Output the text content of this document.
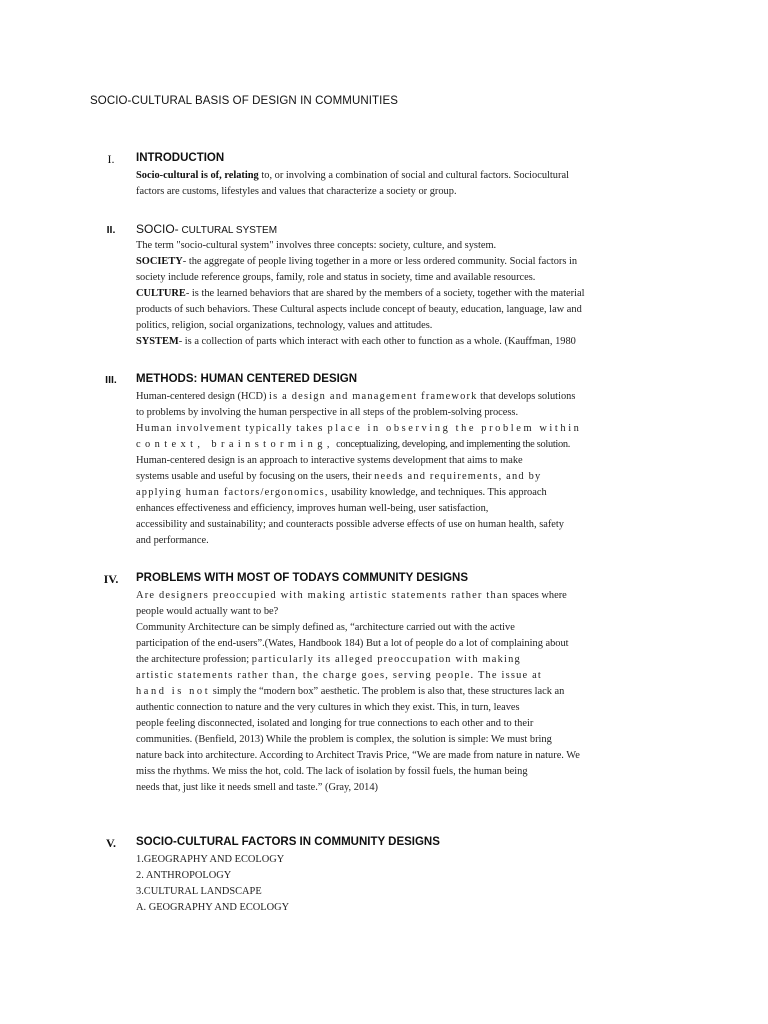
SOCIO-CULTURAL BASIS OF DESIGN IN COMMUNITIES
I.	INTRODUCTION
Socio-cultural is of, relating to, or involving a combination of social and cultural factors. Sociocultural
factors are customs, lifestyles and values that characterize a society or group.
II.	SOCIO- CULTURAL SYSTEM
The term "socio-cultural system" involves three concepts: society, culture, and system.
SOCIETY- the aggregate of people living together in a more or less ordered community. Social factors in
society include reference groups, family, role and status in society, time and available resources.
CULTURE- is the learned behaviors that are shared by the members of a society, together with the material
products of such behaviors. These Cultural aspects include concept of beauty, education, language, law and
politics, religion, social organizations, technology, values and attitudes.
SYSTEM- is a collection of parts which interact with each other to function as a whole. (Kauffman, 1980
III.	METHODS: HUMAN CENTERED DESIGN
Human-centered design (HCD) is a design and management framework that develops solutions
to problems by involving the human perspective in all steps of the problem-solving process.
Human involvement typically takes place in observing the problem within
context, brainstorming, conceptualizing, developing, and implementing the solution.
Human-centered design is an approach to interactive systems development that aims to make
systems usable and useful by focusing on the users, their needs and requirements, and by
applying human factors/ergonomics, usability knowledge, and techniques. This approach
enhances effectiveness and efficiency, improves human well-being, user satisfaction,
accessibility and sustainability; and counteracts possible adverse effects of use on human health, safety
and performance.
IV.	PROBLEMS WITH MOST OF TODAYS COMMUNITY DESIGNS
Are designers preoccupied with making artistic statements rather than spaces where
people would actually want to be?
Community Architecture can be simply defined as, “architecture carried out with the active
participation of the end-users”.(Wates, Handbook 184) But a lot of people do a lot of complaining about
the architecture profession; particularly its alleged preoccupation with making
artistic statements rather than, the charge goes, serving people. The issue at
hand is not simply the “modern box” aesthetic. The problem is also that, these structures lack an
authentic connection to nature and the very cultures in which they exist. This, in turn, leaves
people feeling disconnected, isolated and longing for true connections to each other and to their
communities. (Benfield, 2013) While the problem is complex, the solution is simple: We must bring
nature back into architecture. According to Architect Travis Price, “We are made from nature in nature. We
miss the rhythms. We miss the hot, cold. The lack of isolation by fossil fuels, the human being
needs that, just like it needs smell and taste.” (Gray, 2014)
V.	SOCIO-CULTURAL FACTORS IN COMMUNITY DESIGNS
1.GEOGRAPHY AND ECOLOGY
2. ANTHROPOLOGY
3.CULTURAL LANDSCAPE
A. GEOGRAPHY AND ECOLOGY
